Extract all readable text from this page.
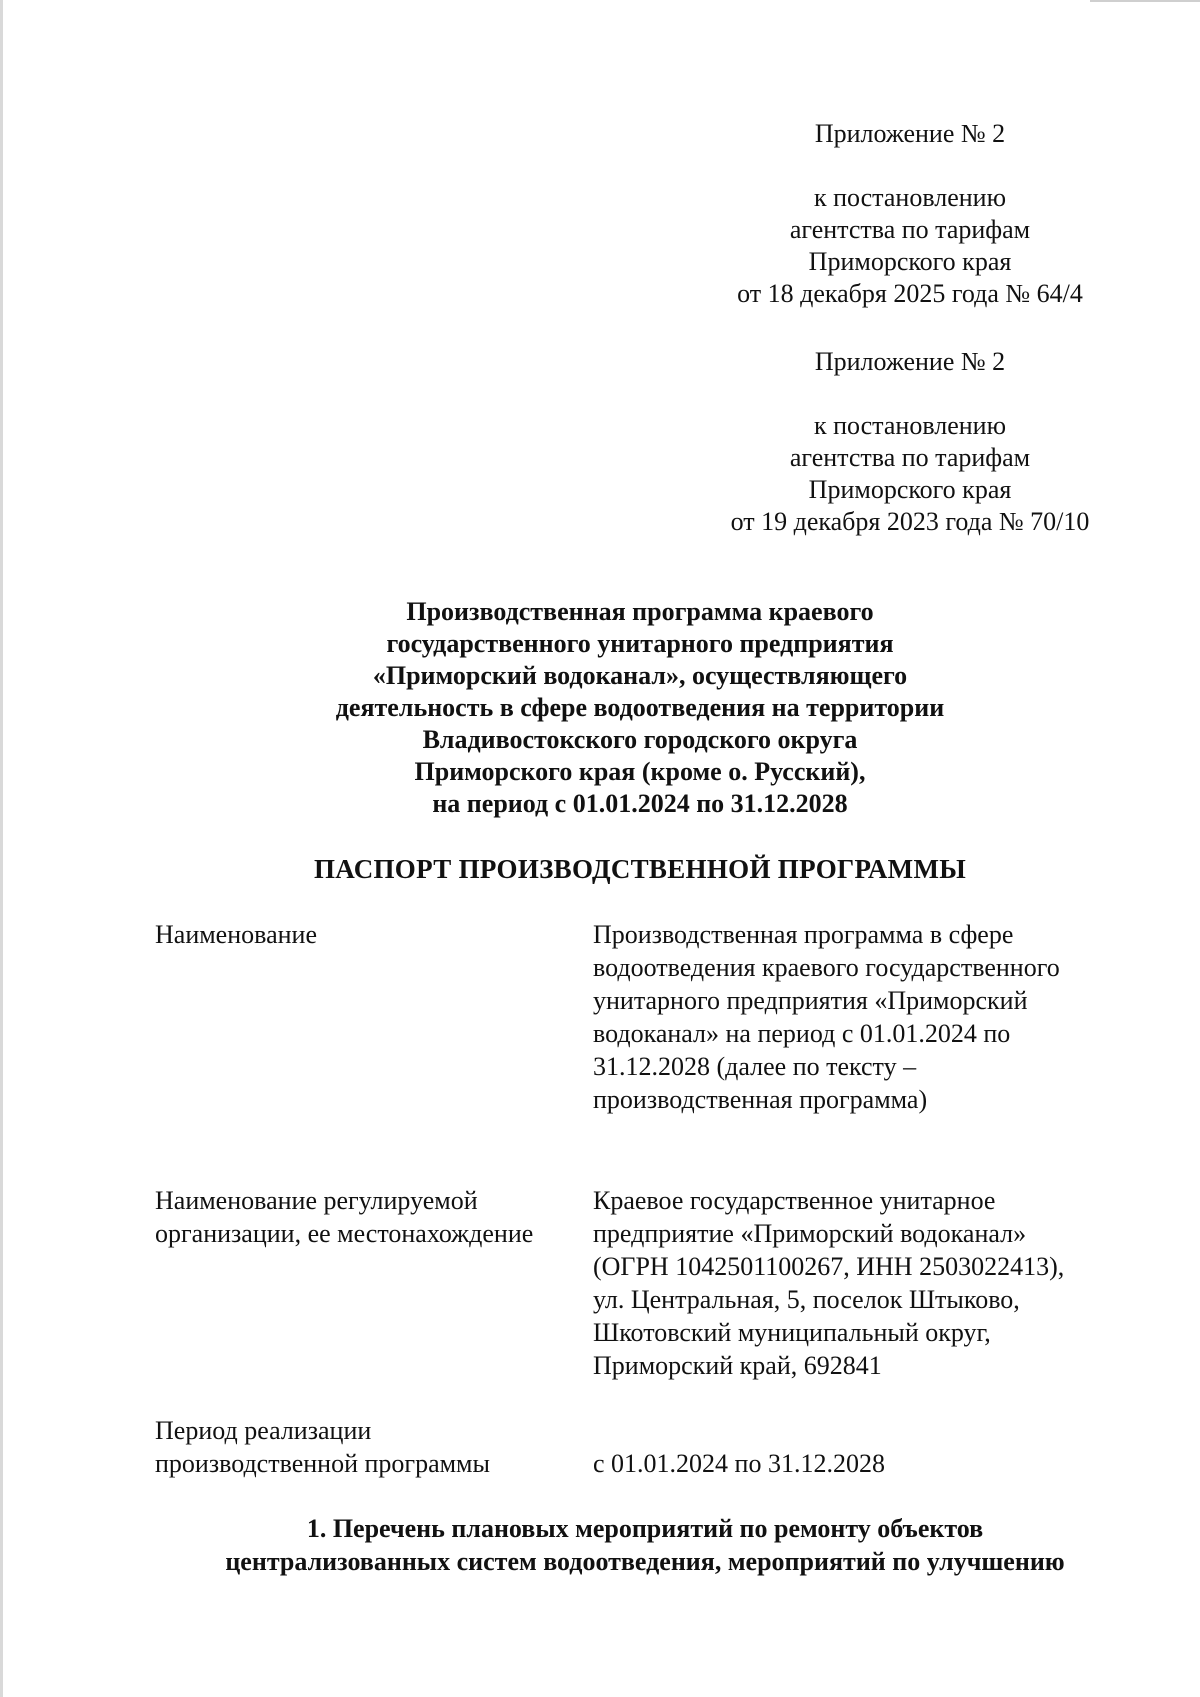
Приложение № 2
к постановлению
агентства по тарифам
Приморского края
от 18 декабря 2025 года № 64/4
Приложение № 2
к постановлению
агентства по тарифам
Приморского края
от 19 декабря 2023 года № 70/10
Производственная программа краевого
государственного унитарного предприятия
«Приморский водоканал», осуществляющего
деятельность в сфере водоотведения на территории
Владивостокского городского округа
Приморского края (кроме о. Русский),
на период с 01.01.2024 по 31.12.2028
ПАСПОРТ ПРОИЗВОДСТВЕННОЙ ПРОГРАММЫ
Наименование	Производственная программа в сфере
водоотведения краевого государственного
унитарного предприятия «Приморский
водоканал» на период с 01.01.2024 по
31.12.2028 (далее по тексту –
производственная программа)
Наименование регулируемой
организации, ее местонахождение
Краевое государственное унитарное
предприятие «Приморский водоканал»
(ОГРН 1042501100267, ИНН 2503022413),
ул. Центральная, 5, поселок Штыково,
Шкотовский муниципальный округ,
Приморский край, 692841
Период реализации
производственной программы	с 01.01.2024 по 31.12.2028
1. Перечень плановых мероприятий по ремонту объектов
централизованных систем водоотведения, мероприятий по улучшению
